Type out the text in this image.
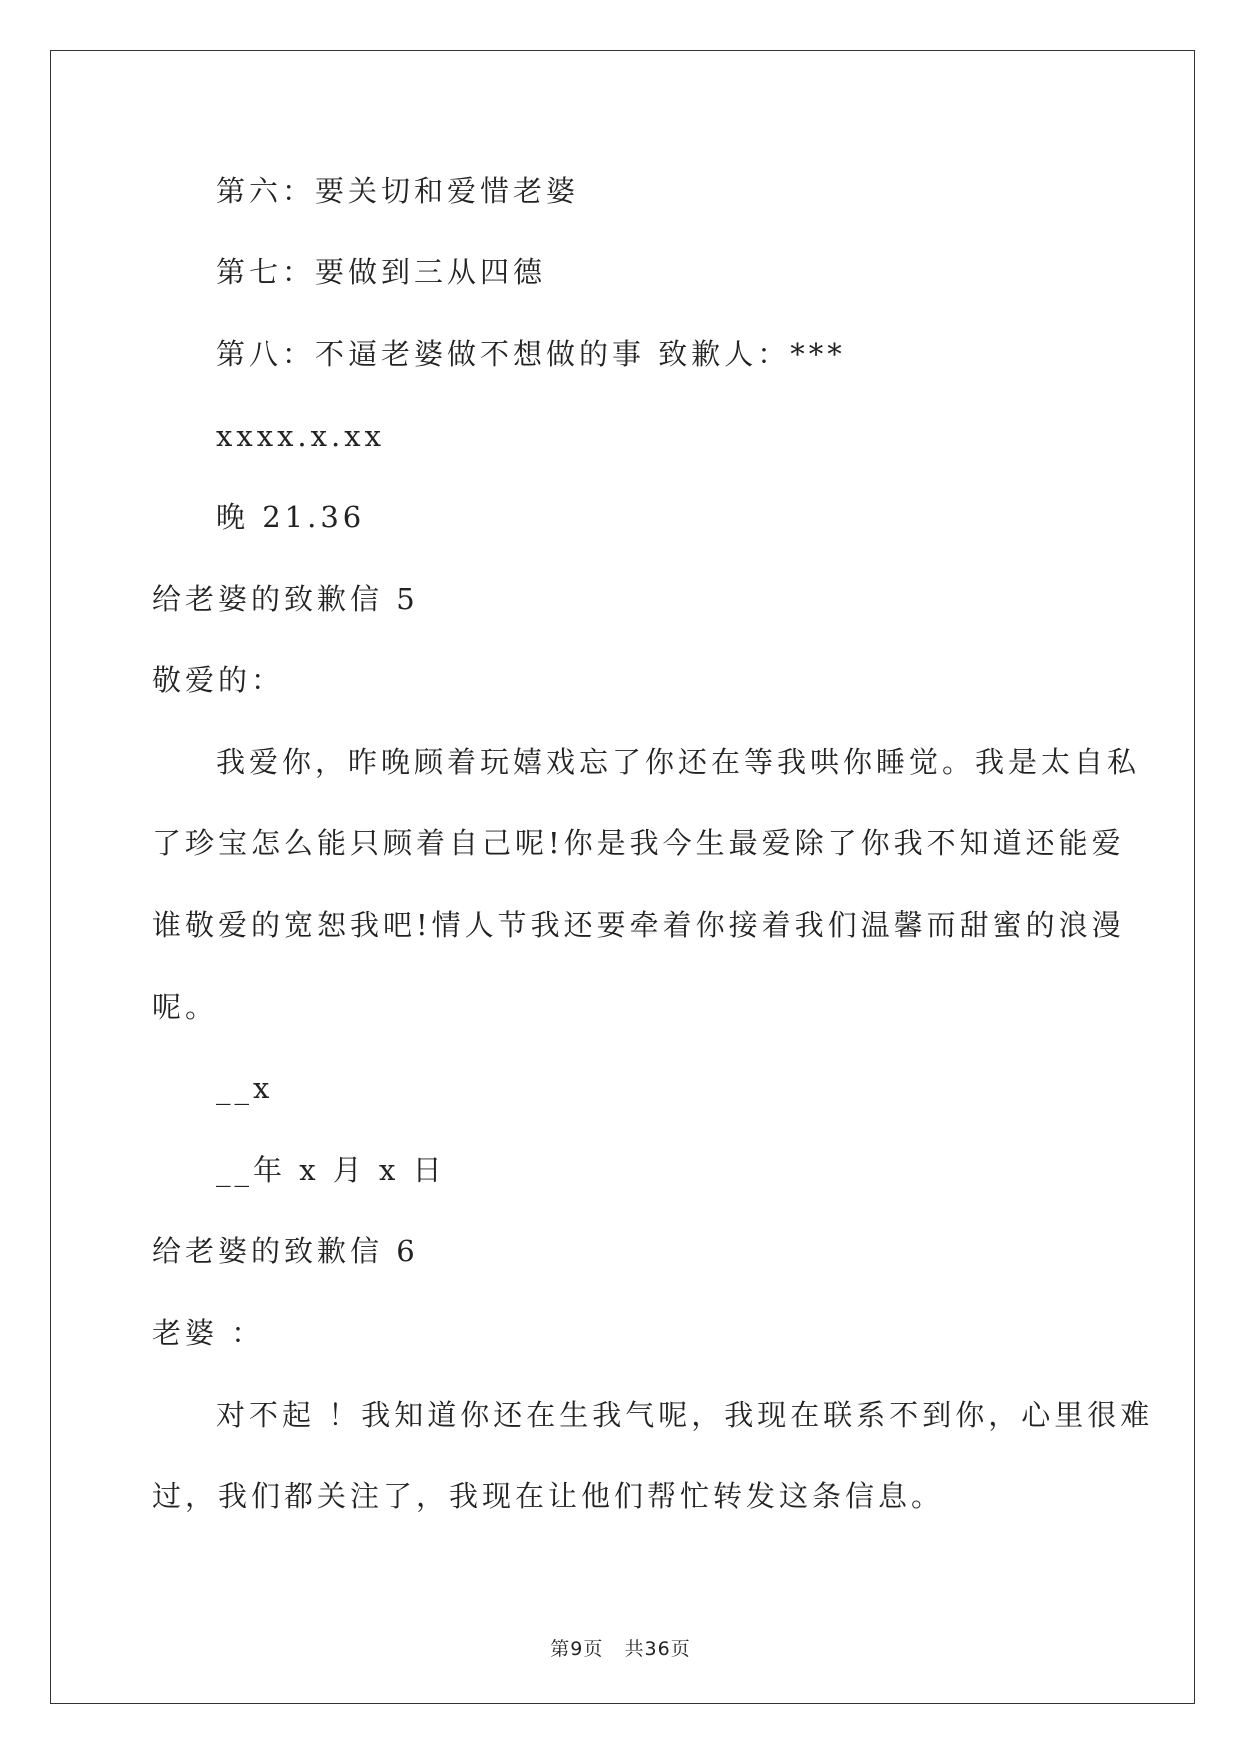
第六：要关切和爱惜老婆
第七：要做到三从四德
第八：不逼老婆做不想做的事 致歉人：***
xxxx.x.xx
晚 21.36
给老婆的致歉信 5
敬爱的：
我爱你，昨晚顾着玩嬉戏忘了你还在等我哄你睡觉。我是太自私
了珍宝怎么能只顾着自己呢!你是我今生最爱除了你我不知道还能爱
谁敬爱的宽恕我吧!情人节我还要牵着你接着我们温馨而甜蜜的浪漫
呢。
__x
__年 x 月 x 日
给老婆的致歉信 6
老婆 ：
对不起 ！我知道你还在生我气呢，我现在联系不到你，心里很难
过，我们都关注了，我现在让他们帮忙转发这条信息。
第9页 共36页
